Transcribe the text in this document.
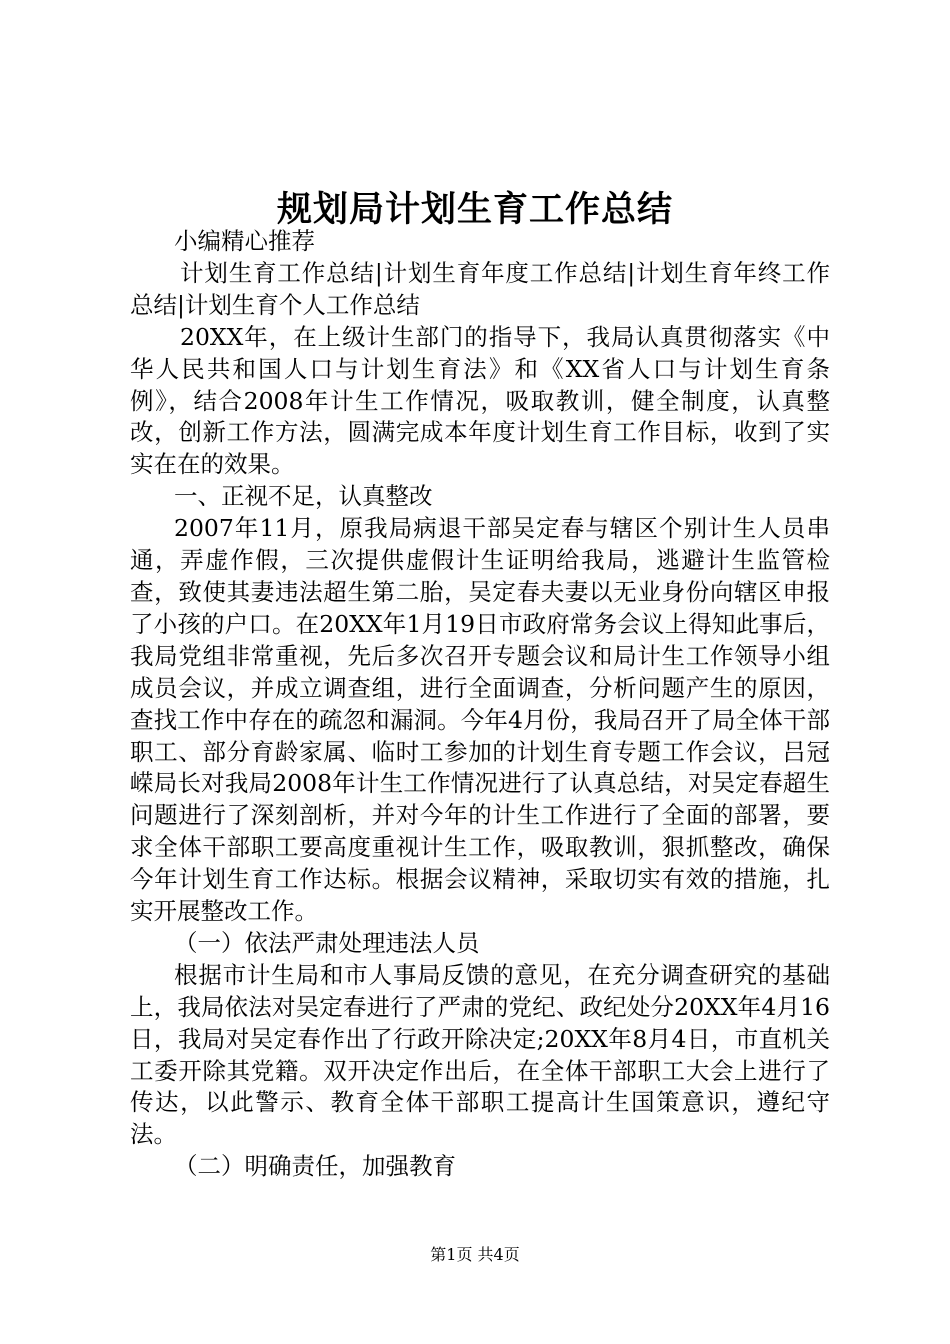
规划局计划生育工作总结

小编精心推荐

计划生育工作总结|计划生育年度工作总结|计划生育年终工作总结|计划生育个人工作总结

20XX年，在上级计生部门的指导下，我局认真贯彻落实《中华人民共和国人口与计划生育法》和《XX省人口与计划生育条例》，结合2008年计生工作情况，吸取教训，健全制度，认真整改，创新工作方法，圆满完成本年度计划生育工作目标，收到了实实在在的效果。

一、正视不足，认真整改

2007年11月，原我局病退干部吴定春与辖区个别计生人员串通，弄虚作假，三次提供虚假计生证明给我局，逃避计生监管检查，致使其妻违法超生第二胎，吴定春夫妻以无业身份向辖区申报了小孩的户口。在20XX年1月19日市政府常务会议上得知此事后，我局党组非常重视，先后多次召开专题会议和局计生工作领导小组成员会议，并成立调查组，进行全面调查，分析问题产生的原因，查找工作中存在的疏忽和漏洞。今年4月份，我局召开了局全体干部职工、部分育龄家属、临时工参加的计划生育专题工作会议，吕冠嵘局长对我局2008年计生工作情况进行了认真总结，对吴定春超生问题进行了深刻剖析，并对今年的计生工作进行了全面的部署，要求全体干部职工要高度重视计生工作，吸取教训，狠抓整改，确保今年计划生育工作达标。根据会议精神，采取切实有效的措施，扎实开展整改工作。

（一）依法严肃处理违法人员

根据市计生局和市人事局反馈的意见，在充分调查研究的基础上，我局依法对吴定春进行了严肃的党纪、政纪处分20XX年4月16日，我局对吴定春作出了行政开除决定;20XX年8月4日，市直机关工委开除其党籍。双开决定作出后，在全体干部职工大会上进行了传达，以此警示、教育全体干部职工提高计生国策意识，遵纪守法。

（二）明确责任，加强教育

第1页 共4页
